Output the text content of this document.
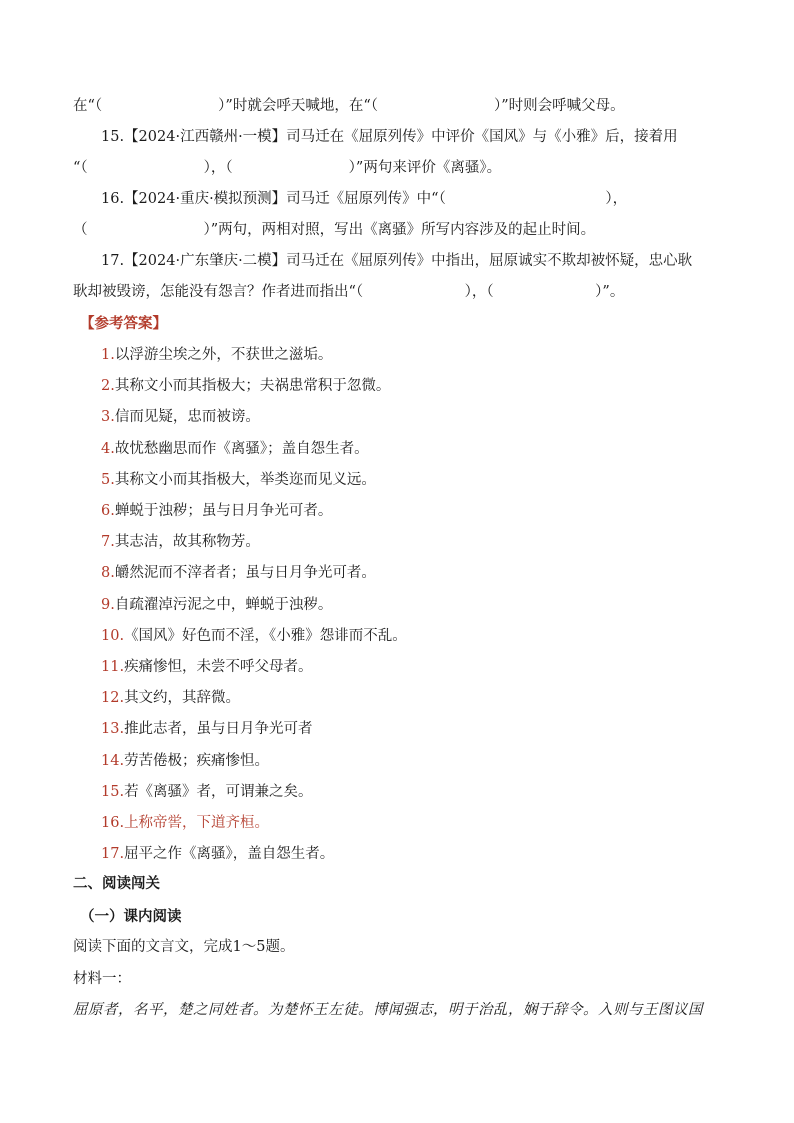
在“（　　　　　　　　）”时就会呼天喊地，在“（　　　　　　　　）”时则会呼喊父母。
15.【2024·江西赣州·一模】司马迁在《屈原列传》中评价《国风》与《小雅》后，接着用
“（　　　　　　　　），（　　　　　　　　）”两句来评价《离骚》。
16.【2024·重庆·模拟预测】司马迁《屈原列传》中“（　　　　　　　　　　　），
（　　　　　　　　）”两句，两相对照，写出《离骚》所写内容涉及的起止时间。
17.【2024·广东肇庆·二模】司马迁在《屈原列传》中指出，屈原诚实不欺却被怀疑，忠心耿
耿却被毁谤，怎能没有怨言？作者进而指出“（　　　　　　　），（　　　　　　　）”。
【参考答案】
1.以浮游尘埃之外，不获世之滋垢。
2.其称文小而其指极大；夫祸患常积于忽微。
3.信而见疑，忠而被谤。
4.故忧愁幽思而作《离骚》；盖自怨生者。
5.其称文小而其指极大，举类迩而见义远。
6.蝉蜕于浊秽；虽与日月争光可者。
7.其志洁，故其称物芳。
8.皭然泥而不滓者者；虽与日月争光可者。
9.自疏濯淖污泥之中，蝉蜕于浊秽。
10.《国风》好色而不淫，《小雅》怨诽而不乱。
11.疾痛惨怛，未尝不呼父母者。
12.其文约，其辞微。
13.推此志者，虽与日月争光可者
14.劳苦倦极；疾痛惨怛。
15.若《离骚》者，可谓兼之矣。
16.上称帝喾，下道齐桓。
17.屈平之作《离骚》，盖自怨生者。
二、阅读闯关
（一）课内阅读
阅读下面的文言文，完成1～5题。
材料一：
屈原者，名平，楚之同姓者。为楚怀王左徒。博闻强志，明于治乱，娴于辞令。入则与王图议国
